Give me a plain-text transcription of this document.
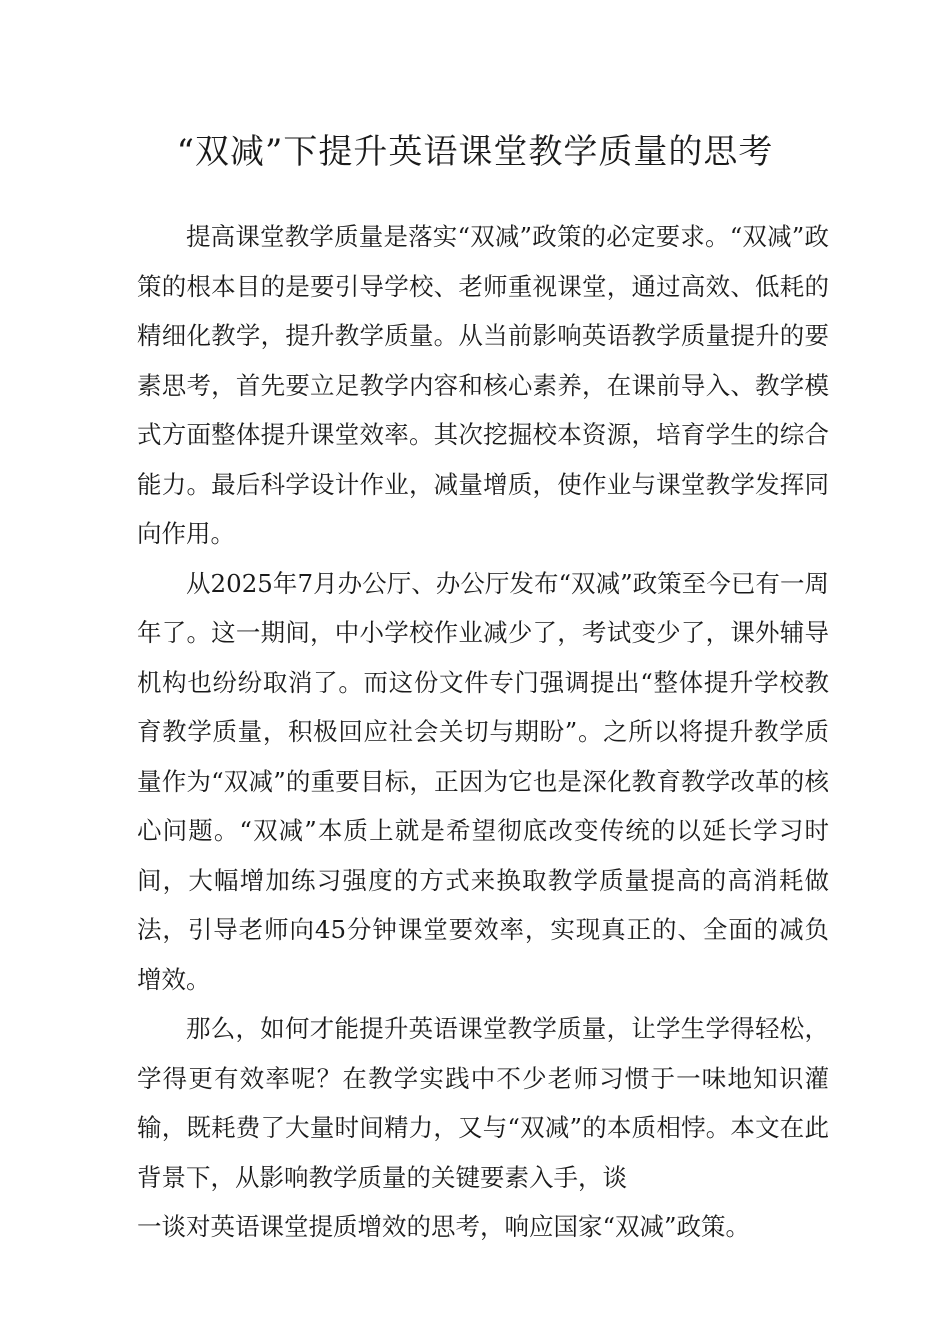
“双减”下提升英语课堂教学质量的思考

提高课堂教学质量是落实“双减”政策的必定要求。“双减”政策的根本目的是要引导学校、老师重视课堂，通过高效、低耗的精细化教学，提升教学质量。从当前影响英语教学质量提升的要素思考，首先要立足教学内容和核心素养，在课前导入、教学模式方面整体提升课堂效率。其次挖掘校本资源，培育学生的综合能力。最后科学设计作业，减量增质，使作业与课堂教学发挥同向作用。

从2025年7月办公厅、办公厅发布“双减”政策至今已有一周年了。这一期间，中小学校作业减少了，考试变少了，课外辅导机构也纷纷取消了。而这份文件专门强调提出“整体提升学校教育教学质量，积极回应社会关切与期盼”。之所以将提升教学质量作为“双减”的重要目标，正因为它也是深化教育教学改革的核心问题。“双减”本质上就是希望彻底改变传统的以延长学习时间，大幅增加练习强度的方式来换取教学质量提高的高消耗做法，引导老师向45分钟课堂要效率，实现真正的、全面的减负增效。

那么，如何才能提升英语课堂教学质量，让学生学得轻松，学得更有效率呢？在教学实践中不少老师习惯于一味地知识灌输，既耗费了大量时间精力，又与“双减”的本质相悖。本文在此背景下，从影响教学质量的关键要素入手，谈

一谈对英语课堂提质增效的思考，响应国家“双减”政策。
